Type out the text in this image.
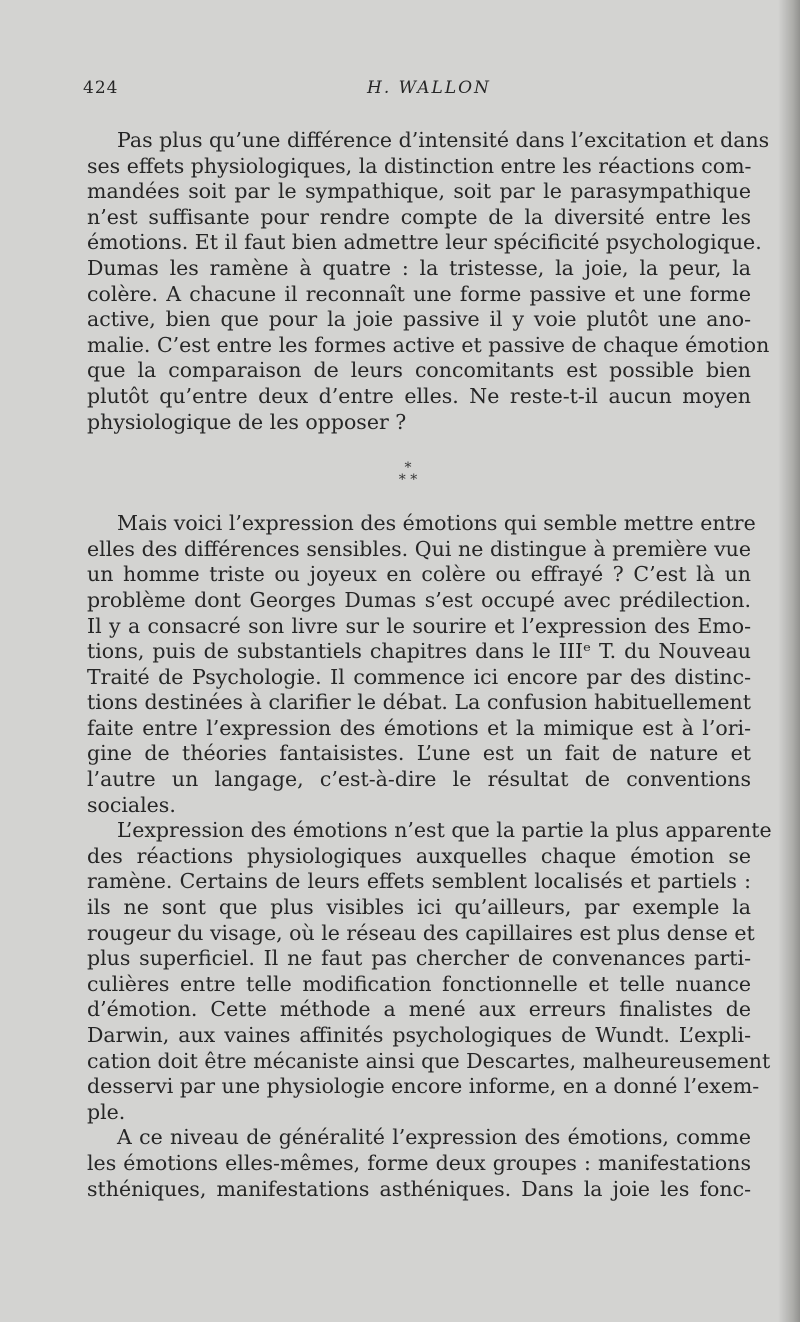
424	H. WALLON
Pas plus qu’une différence d’intensité dans l’excitation et dans
ses effets physiologiques, la distinction entre les réactions com-
mandées soit par le sympathique, soit par le parasympathique
n’est suffisante pour rendre compte de la diversité entre les
émotions. Et il faut bien admettre leur spécificité psychologique.
Dumas les ramène à quatre : la tristesse, la joie, la peur, la
colère. A chacune il reconnaît une forme passive et une forme
active, bien que pour la joie passive il y voie plutôt une ano-
malie. C’est entre les formes active et passive de chaque émotion
que la comparaison de leurs concomitants est possible bien
plutôt qu’entre deux d’entre elles. Ne reste-t-il aucun moyen
physiologique de les opposer ?
Mais voici l’expression des émotions qui semble mettre entre
elles des différences sensibles. Qui ne distingue à première vue
un homme triste ou joyeux en colère ou effrayé ? C’est là un
problème dont Georges Dumas s’est occupé avec prédilection.
Il y a consacré son livre sur le sourire et l’expression des Emo-
tions, puis de substantiels chapitres dans le IIIᵉ T. du Nouveau
Traité de Psychologie. Il commence ici encore par des distinc-
tions destinées à clarifier le débat. La confusion habituellement
faite entre l’expression des émotions et la mimique est à l’ori-
gine de théories fantaisistes. L’une est un fait de nature et
l’autre un langage, c’est-à-dire le résultat de conventions
sociales.
L’expression des émotions n’est que la partie la plus apparente
des réactions physiologiques auxquelles chaque émotion se
ramène. Certains de leurs effets semblent localisés et partiels :
ils ne sont que plus visibles ici qu’ailleurs, par exemple la
rougeur du visage, où le réseau des capillaires est plus dense et
plus superficiel. Il ne faut pas chercher de convenances parti-
culières entre telle modification fonctionnelle et telle nuance
d’émotion. Cette méthode a mené aux erreurs finalistes de
Darwin, aux vaines affinités psychologiques de Wundt. L’expli-
cation doit être mécaniste ainsi que Descartes, malheureusement
desservi par une physiologie encore informe, en a donné l’exem-
ple.
A ce niveau de généralité l’expression des émotions, comme
les émotions elles-mêmes, forme deux groupes : manifestations
sthéniques, manifestations asthéniques. Dans la joie les fonc-
*
* *
